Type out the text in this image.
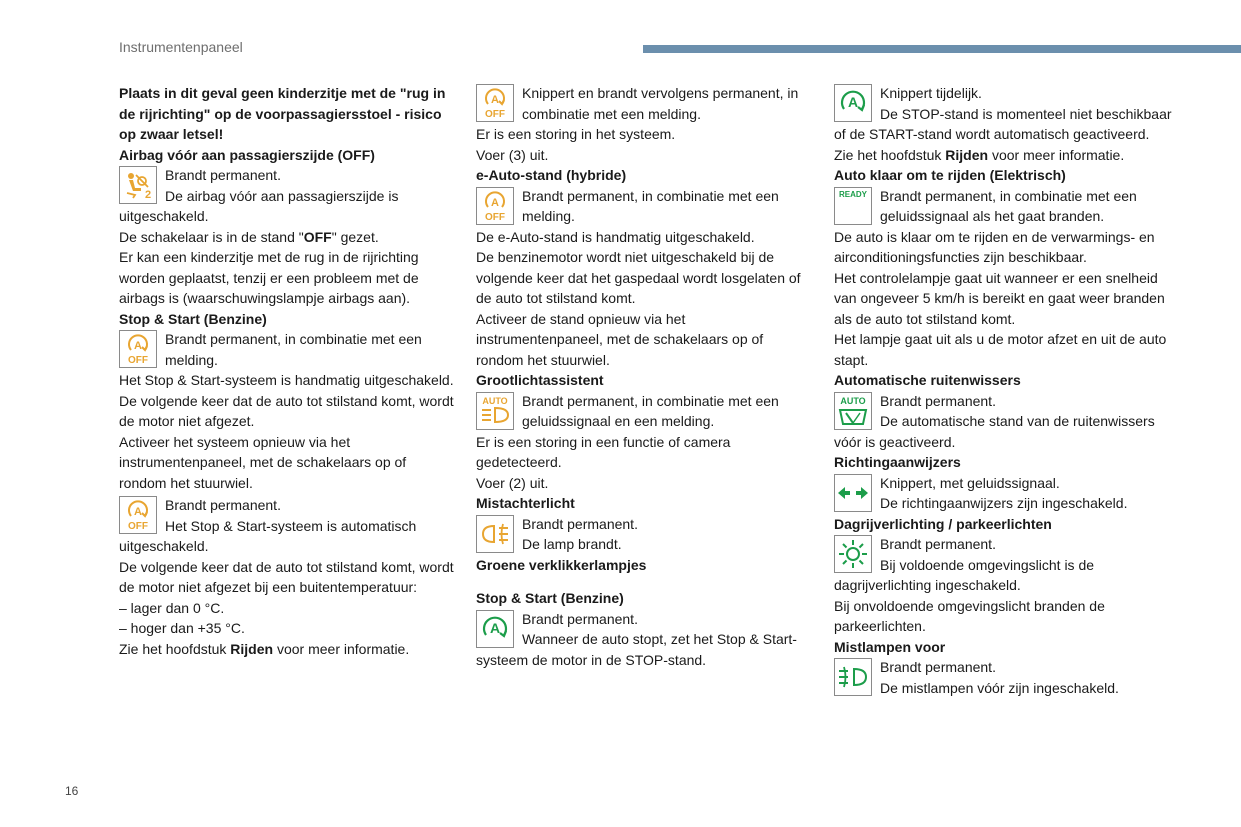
Instrumentenpaneel

Plaats in dit geval geen kinderzitje met de "rug in de rijrichting" op de voorpassagiersstoel - risico op zwaar letsel!

Airbag vóór aan passagierszijde (OFF)

2

Brandt permanent.

De airbag vóór aan passagierszijde is uitgeschakeld.

De schakelaar is in de stand "OFF" gezet.

Er kan een kinderzitje met de rug in de rijrichting worden geplaatst, tenzij er een probleem met de airbags is (waarschuwingslampje airbags aan).

Stop & Start (Benzine)

A
OFF

Brandt permanent, in combinatie met een melding.

Het Stop & Start-systeem is handmatig uitgeschakeld.

De volgende keer dat de auto tot stilstand komt, wordt de motor niet afgezet.

Activeer het systeem opnieuw via het instrumentenpaneel, met de schakelaars op of rondom het stuurwiel.

A
OFF

Brandt permanent.

Het Stop & Start-systeem is automatisch uitgeschakeld.

De volgende keer dat de auto tot stilstand komt, wordt de motor niet afgezet bij een buitentemperatuur:

– lager dan 0 °C.

– hoger dan +35 °C.

Zie het hoofdstuk Rijden voor meer informatie.

A
OFF

Knippert en brandt vervolgens permanent, in combinatie met een melding.

Er is een storing in het systeem.

Voer (3) uit.

e-Auto-stand (hybride)

A
OFF

Brandt permanent, in combinatie met een melding.

De e-Auto-stand is handmatig uitgeschakeld.

De benzinemotor wordt niet uitgeschakeld bij de volgende keer dat het gaspedaal wordt losgelaten of de auto tot stilstand komt.

Activeer de stand opnieuw via het instrumentenpaneel, met de schakelaars op of rondom het stuurwiel.

Grootlichtassistent

AUTO	Brandt permanent, in combinatie met een geluidssignaal en een melding.

Er is een storing in een functie of camera gedetecteerd.

Voer (2) uit.

Mistachterlicht

Brandt permanent.

De lamp brandt.

Groene verklikkerlampjes

Stop & Start (Benzine)

A

Brandt permanent.

Wanneer de auto stopt, zet het Stop & Start-systeem de motor in de STOP-stand.

A

Knippert tijdelijk.

De STOP-stand is momenteel niet beschikbaar of de START-stand wordt automatisch geactiveerd.

Zie het hoofdstuk Rijden voor meer informatie.

Auto klaar om te rijden (Elektrisch)

READY Brandt permanent, in combinatie met een geluidssignaal als het gaat branden.

De auto is klaar om te rijden en de verwarmings- en airconditioningsfuncties zijn beschikbaar.

Het controlelampje gaat uit wanneer er een snelheid van ongeveer 5 km/h is bereikt en gaat weer branden als de auto tot stilstand komt.

Het lampje gaat uit als u de motor afzet en uit de auto stapt.

Automatische ruitenwissers

AUTO	Brandt permanent.

De automatische stand van de ruitenwissers vóór is geactiveerd.

Richtingaanwijzers

Knippert, met geluidssignaal.

De richtingaanwijzers zijn ingeschakeld.

Dagrijverlichting / parkeerlichten

Brandt permanent.

Bij voldoende omgevingslicht is de dagrijverlichting ingeschakeld.

Bij onvoldoende omgevingslicht branden de parkeerlichten.

Mistlampen voor

Brandt permanent.

De mistlampen vóór zijn ingeschakeld.

16
